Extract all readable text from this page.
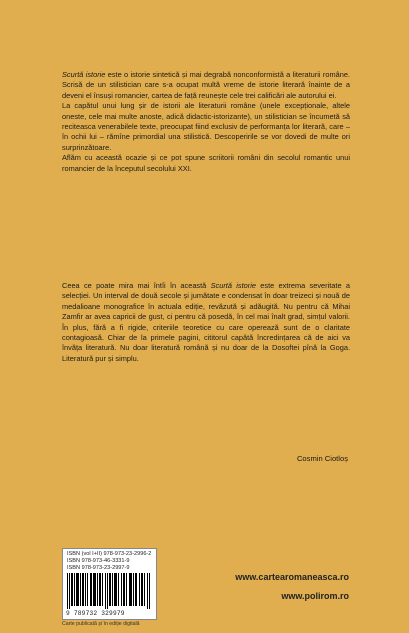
Scurtă istorie este o istorie sintetică și mai degrabă nonconformistă a literaturii române. Scrisă de un stilistician care s-a ocupat multă vreme de istorie literară înainte de a deveni el însuși romancier, cartea de față reunește cele trei calificări ale autorului ei.

La capătul unui lung șir de istorii ale literaturii române (unele excepționale, altele oneste, cele mai multe anoste, adică didactic-istorizante), un stilistician se încumetă să reciteasca venerabilele texte, preocupat fiind exclusiv de performanța lor literară, care – în ochii lui – rămîne primordial una stilistică. Descoperirile se vor dovedi de multe ori surprinzătoare.

Aflăm cu această ocazie și ce pot spune scriitorii români din secolul romantic unui romancier de la începutul secolului XXI.

Ceea ce poate mira mai întîi în această Scurtă istorie este extrema severitate a selecției. Un interval de două secole și jumătate e condensat în doar treizeci și nouă de medalioane monografice în actuala ediție, revăzută și adăugită. Nu pentru că Mihai Zamfir ar avea capricii de gust, ci pentru că posedă, în cel mai înalt grad, simțul valorii. În plus, fără a fi rigide, criteriile teoretice cu care operează sunt de o claritate contagioasă. Chiar de la primele pagini, cititorul capătă încredințarea că de aici va învăța literatură. Nu doar literatură română și nu doar de la Dosoftei pînă la Goga. Literatură pur și simplu.

Cosmin Ciotloș
ISBN (vol I+II) 978-973-23-2996-2
ISBN 978-973-46-3331-9
ISBN 978-973-23-2997-9
9 789732 329979
Carte publicată și în ediție digitală
www.cartearomaneasca.ro
www.polirom.ro
